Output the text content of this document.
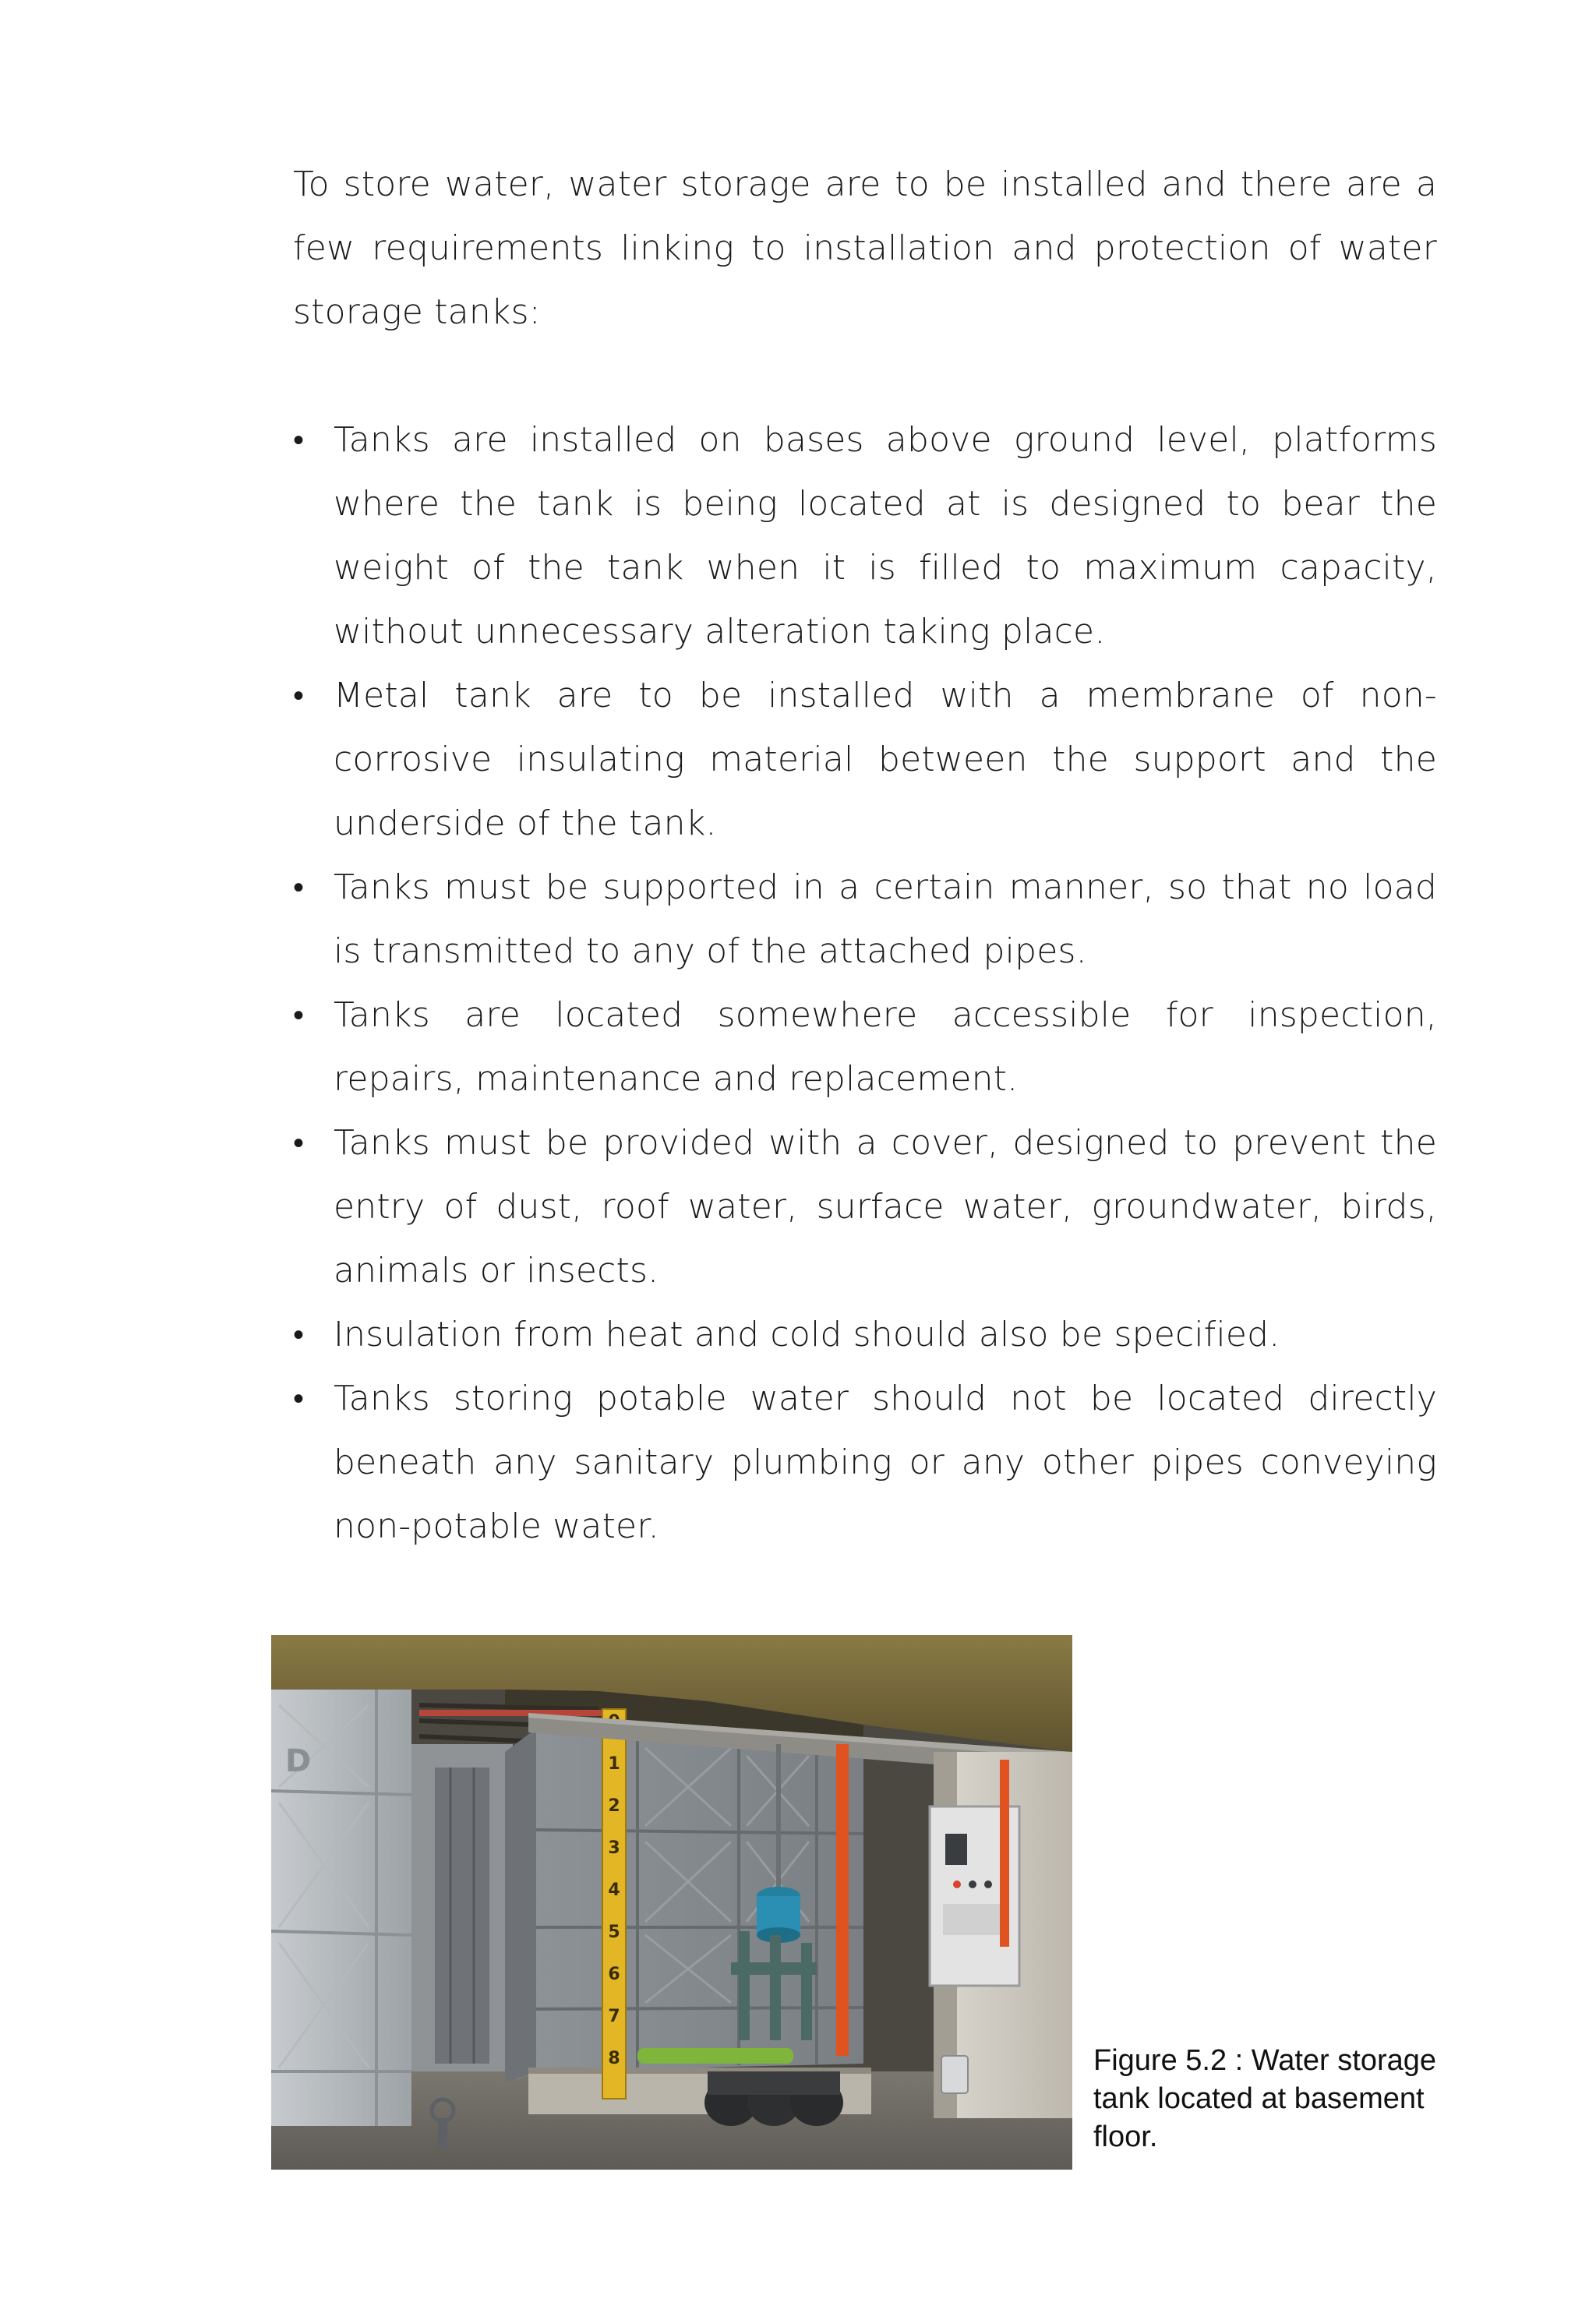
To store water, water storage are to be installed and there are a few requirements linking to installation and protection of water storage tanks:

• Tanks are installed on bases above ground level, platforms where the tank is being located at is designed to bear the weight of the tank when it is filled to maximum capacity, without unnecessary alteration taking place.
• Metal tank are to be installed with a membrane of non-corrosive insulating material between the support and the underside of the tank.
• Tanks must be supported in a certain manner, so that no load is transmitted to any of the attached pipes.
• Tanks are located somewhere accessible for inspection, repairs, maintenance and replacement.
• Tanks must be provided with a cover, designed to prevent the entry of dust, roof water, surface water, groundwater, birds, animals or insects.
• Insulation from heat and cold should also be specified.
• Tanks storing potable water should not be located directly beneath any sanitary plumbing or any other pipes conveying non-potable water.
D	1
2
3
4
5
6
7
8	Figure 5.2 : Water storage tank located at basement floor.
